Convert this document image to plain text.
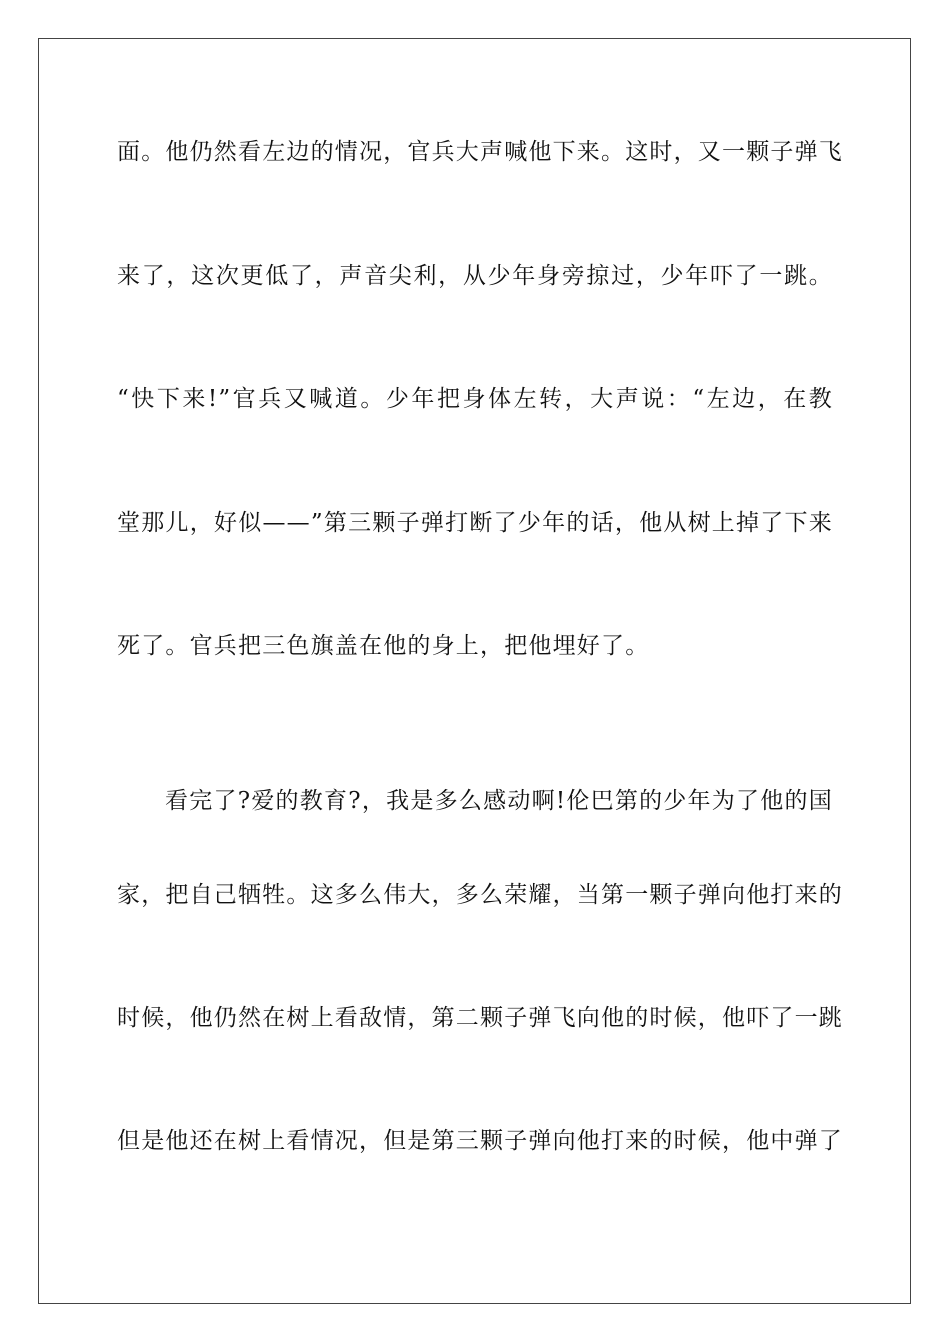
面。他仍然看左边的情况，官兵大声喊他下来。这时，又一颗子弹飞
来了，这次更低了，声音尖利，从少年身旁掠过，少年吓了一跳。
“快下来!”官兵又喊道。少年把身体左转，大声说：“左边，在教
堂那儿，好似——”第三颗子弹打断了少年的话，他从树上掉了下来
死了。官兵把三色旗盖在他的身上，把他埋好了。
看完了?爱的教育?，我是多么感动啊!伦巴第的少年为了他的国
家，把自己牺牲。这多么伟大，多么荣耀，当第一颗子弹向他打来的
时候，他仍然在树上看敌情，第二颗子弹飞向他的时候，他吓了一跳
但是他还在树上看情况，但是第三颗子弹向他打来的时候，他中弹了
